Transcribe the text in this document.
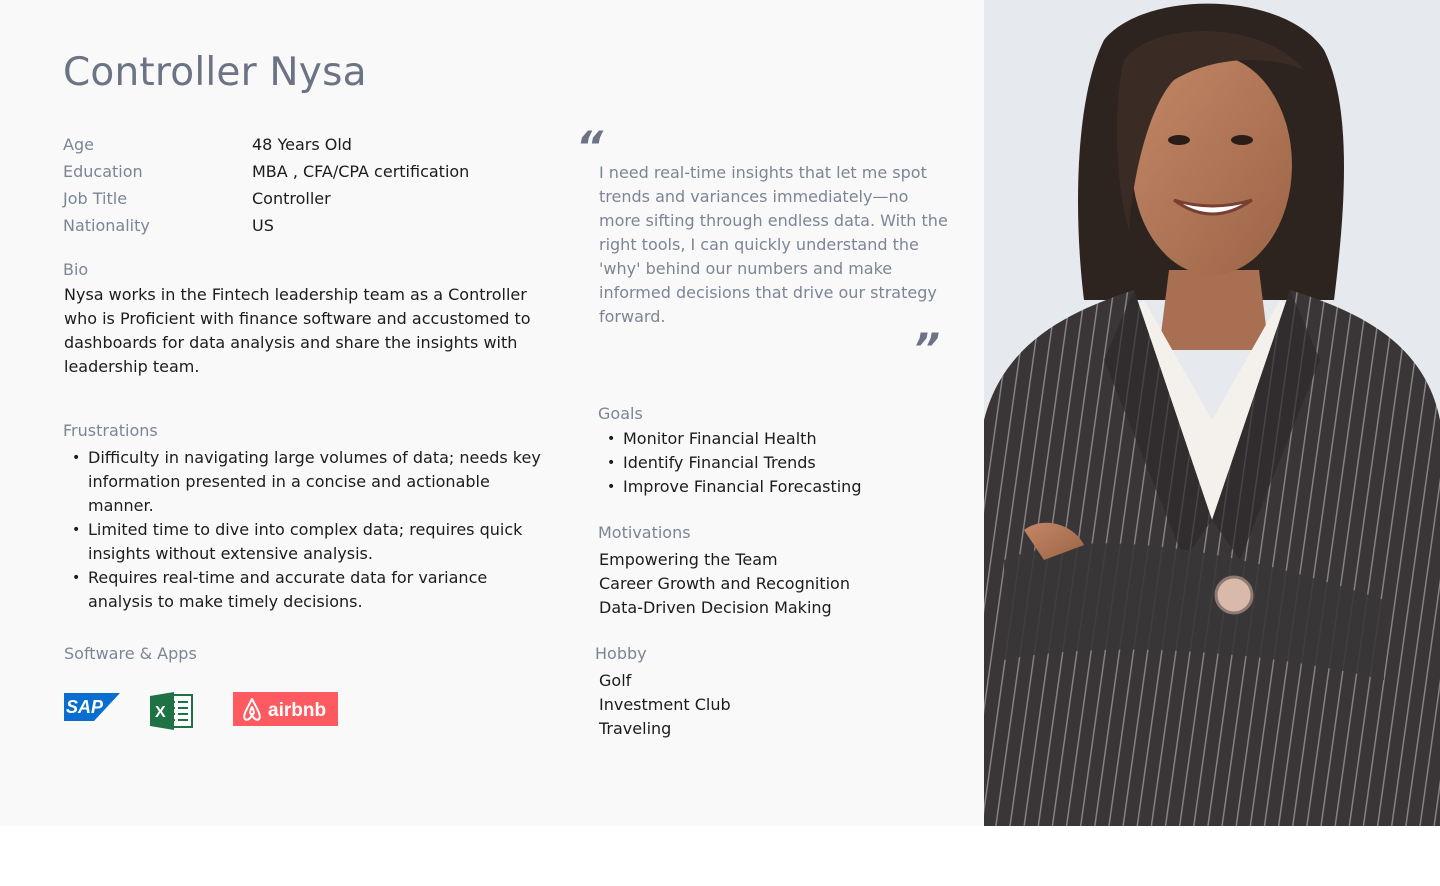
Controller Nysa
Age	48 Years Old
Education	MBA , CFA/CPA certification
Job Title	Controller
Nationality	US
Bio
Nysa works in the Fintech leadership team as a Controller who is Proficient with finance software and accustomed to dashboards for data analysis and share the insights with leadership team.
“
I need real-time insights that let me spot trends and variances immediately—no more sifting through endless data. With the right tools, I can quickly understand the 'why' behind our numbers and make informed decisions that drive our strategy forward.
”
Frustrations
• Difficulty in navigating large volumes of data; needs key information presented in a concise and actionable manner.
• Limited time to dive into complex data; requires quick insights without extensive analysis.
• Requires real-time and accurate data for variance analysis to make timely decisions.
Software & Apps
SAP	X	airbnb
Goals
• Monitor Financial Health
• Identify Financial Trends
• Improve Financial Forecasting
Motivations
Empowering the Team
Career Growth and Recognition
Data-Driven Decision Making
Hobby
Golf
Investment Club
Traveling
